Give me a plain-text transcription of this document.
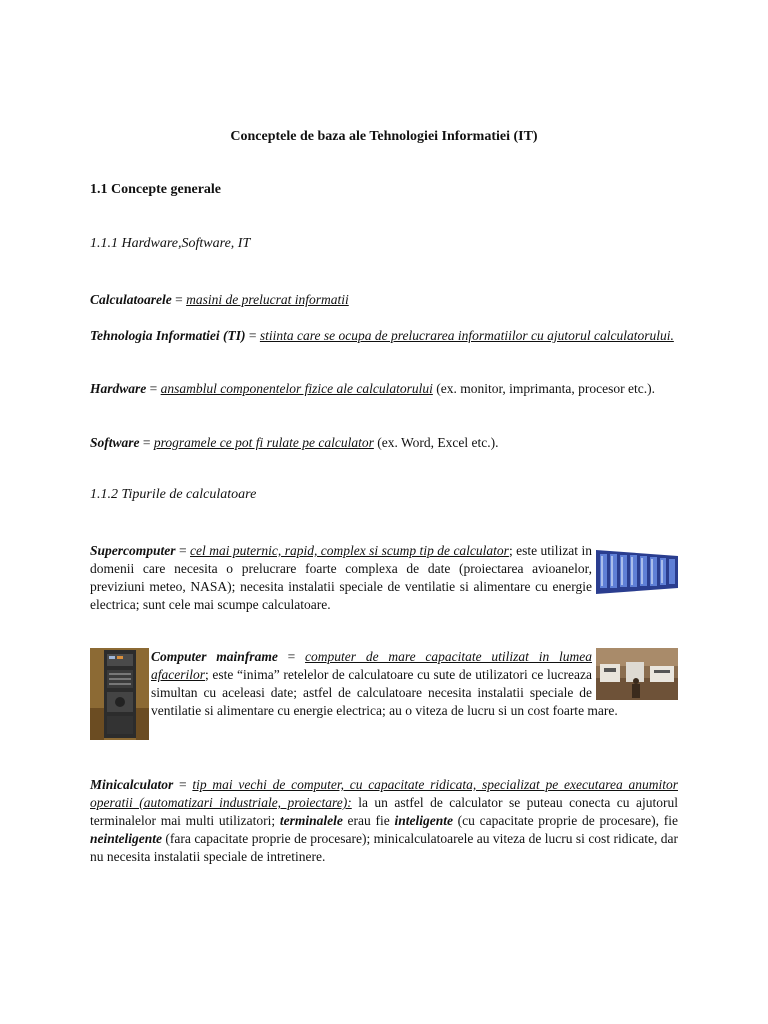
Conceptele de baza ale Tehnologiei Informatiei (IT)
1.1 Concepte generale
1.1.1 Hardware,Software, IT
Calculatoarele = masini de prelucrat informatii
Tehnologia Informatiei (TI) = stiinta care se ocupa de prelucrarea informatiilor cu ajutorul calculatorului.
Hardware = ansamblul componentelor fizice ale calculatorului (ex. monitor, imprimanta, procesor etc.).
Software = programele ce pot fi rulate pe calculator (ex. Word, Excel etc.).
1.1.2 Tipurile de calculatoare
Supercomputer = cel mai puternic, rapid, complex si scump tip de calculator; este utilizat in domenii care necesita o prelucrare foarte complexa de date (proiectarea avioanelor, previziuni meteo, NASA); necesita instalatii speciale de ventilatie si alimentare cu energie electrica; sunt cele mai scumpe calculatoare.
Computer mainframe = computer de mare capacitate utilizat in lumea afacerilor; este “inima” retelelor de calculatoare cu sute de utilizatori ce lucreaza simultan cu aceleasi date; astfel de calculatoare necesita instalatii speciale de ventilatie si alimentare cu energie electrica; au o viteza de lucru si un cost foarte mare.
Minicalculator = tip mai vechi de computer, cu capacitate ridicata, specializat pe executarea anumitor operatii (automatizari industriale, proiectare): la un astfel de calculator se puteau conecta cu ajutorul terminalelor mai multi utilizatori; terminalele erau fie inteligente (cu capacitate proprie de procesare), fie neinteligente (fara capacitate proprie de procesare); minicalculatoarele au viteza de lucru si cost ridicate, dar nu necesita instalatii speciale de intretinere.
